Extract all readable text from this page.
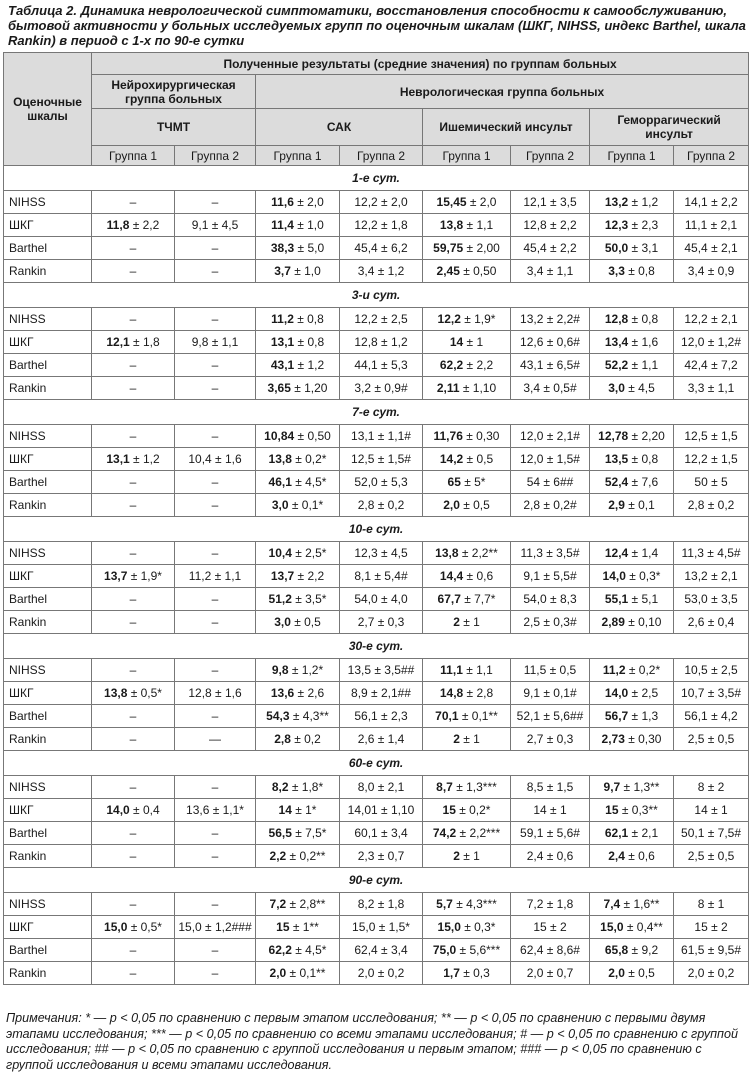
Таблица 2. Динамика неврологической симптоматики, восстановления способности к самообслуживанию, бытовой активности у больных исследуемых групп по оценочным шкалам (ШКГ, NIHSS, индекс Barthel, шкала Rankin) в период с 1-х по 90-е сутки
Оценочные шкалы	Полученные результаты (средние значения) по группам больных							
	Нейрохирургическая группа больных		Неврологическая группа больных					
	ТЧМТ		САК		Ишемический инсульт		Геморрагический инсульт	
	Группа 1	Группа 2	Группа 1	Группа 2	Группа 1	Группа 2	Группа 1	Группа 2
1-е сут.								
NIHSS	–	–	11,6 ± 2,0	12,2 ± 2,0	15,45 ± 2,0	12,1 ± 3,5	13,2 ± 1,2	14,1 ± 2,2
ШКГ	11,8 ± 2,2	9,1 ± 4,5	11,4 ± 1,0	12,2 ± 1,8	13,8 ± 1,1	12,8 ± 2,2	12,3 ± 2,3	11,1 ± 2,1
Barthel	–	–	38,3 ± 5,0	45,4 ± 6,2	59,75 ± 2,00	45,4 ± 2,2	50,0 ± 3,1	45,4 ± 2,1
Rankin	–	–	3,7 ± 1,0	3,4 ± 1,2	2,45 ± 0,50	3,4 ± 1,1	3,3 ± 0,8	3,4 ± 0,9
3-и сут.								
NIHSS	–	–	11,2 ± 0,8	12,2 ± 2,5	12,2 ± 1,9*	13,2 ± 2,2#	12,8 ± 0,8	12,2 ± 2,1
ШКГ	12,1 ± 1,8	9,8 ± 1,1	13,1 ± 0,8	12,8 ± 1,2	14 ± 1	12,6 ± 0,6#	13,4 ± 1,6	12,0 ± 1,2#
Barthel	–	–	43,1 ± 1,2	44,1 ± 5,3	62,2 ± 2,2	43,1 ± 6,5#	52,2 ± 1,1	42,4 ± 7,2
Rankin	–	–	3,65 ± 1,20	3,2 ± 0,9#	2,11 ± 1,10	3,4 ± 0,5#	3,0 ± 4,5	3,3 ± 1,1
7-е сут.								
NIHSS	–	–	10,84 ± 0,50	13,1 ± 1,1#	11,76 ± 0,30	12,0 ± 2,1#	12,78 ± 2,20	12,5 ± 1,5
ШКГ	13,1 ± 1,2	10,4 ± 1,6	13,8 ± 0,2*	12,5 ± 1,5#	14,2 ± 0,5	12,0 ± 1,5#	13,5 ± 0,8	12,2 ± 1,5
Barthel	–	–	46,1 ± 4,5*	52,0 ± 5,3	65 ± 5*	54 ± 6##	52,4 ± 7,6	50 ± 5
Rankin	–	–	3,0 ± 0,1*	2,8 ± 0,2	2,0 ± 0,5	2,8 ± 0,2#	2,9 ± 0,1	2,8 ± 0,2
10-е сут.								
NIHSS	–	–	10,4 ± 2,5*	12,3 ± 4,5	13,8 ± 2,2**	11,3 ± 3,5#	12,4 ± 1,4	11,3 ± 4,5#
ШКГ	13,7 ± 1,9*	11,2 ± 1,1	13,7 ± 2,2	8,1 ± 5,4#	14,4 ± 0,6	9,1 ± 5,5#	14,0 ± 0,3*	13,2 ± 2,1
Barthel	–	–	51,2 ± 3,5*	54,0 ± 4,0	67,7 ± 7,7*	54,0 ± 8,3	55,1 ± 5,1	53,0 ± 3,5
Rankin	–	–	3,0 ± 0,5	2,7 ± 0,3	2 ± 1	2,5 ± 0,3#	2,89 ± 0,10	2,6 ± 0,4
30-е сут.								
NIHSS	–	–	9,8 ± 1,2*	13,5 ± 3,5##	11,1 ± 1,1	11,5 ± 0,5	11,2 ± 0,2*	10,5 ± 2,5
ШКГ	13,8 ± 0,5*	12,8 ± 1,6	13,6 ± 2,6	8,9 ± 2,1##	14,8 ± 2,8	9,1 ± 0,1#	14,0 ± 2,5	10,7 ± 3,5#
Barthel	–	–	54,3 ± 4,3**	56,1 ± 2,3	70,1 ± 0,1**	52,1 ± 5,6##	56,7 ± 1,3	56,1 ± 4,2
Rankin	–	—	2,8 ± 0,2	2,6 ± 1,4	2 ± 1	2,7 ± 0,3	2,73 ± 0,30	2,5 ± 0,5
60-е сут.								
NIHSS	–	–	8,2 ± 1,8*	8,0 ± 2,1	8,7 ± 1,3***	8,5 ± 1,5	9,7 ± 1,3**	8 ± 2
ШКГ	14,0 ± 0,4	13,6 ± 1,1*	14 ± 1*	14,01 ± 1,10	15 ± 0,2*	14 ± 1	15 ± 0,3**	14 ± 1
Barthel	–	–	56,5 ± 7,5*	60,1 ± 3,4	74,2 ± 2,2***	59,1 ± 5,6#	62,1 ± 2,1	50,1 ± 7,5#
Rankin	–	–	2,2 ± 0,2**	2,3 ± 0,7	2 ± 1	2,4 ± 0,6	2,4 ± 0,6	2,5 ± 0,5
90-е сут.								
NIHSS	–	–	7,2 ± 2,8**	8,2 ± 1,8	5,7 ± 4,3***	7,2 ± 1,8	7,4 ± 1,6**	8 ± 1
ШКГ	15,0 ± 0,5*	15,0 ± 1,2###	15 ± 1**	15,0 ± 1,5*	15,0 ± 0,3*	15 ± 2	15,0 ± 0,4**	15 ± 2
Barthel	–	–	62,2 ± 4,5*	62,4 ± 3,4	75,0 ± 5,6***	62,4 ± 8,6#	65,8 ± 9,2	61,5 ± 9,5#
Rankin	–	–	2,0 ± 0,1**	2,0 ± 0,2	1,7 ± 0,3	2,0 ± 0,7	2,0 ± 0,5	2,0 ± 0,2
Примечания: * — p < 0,05 по сравнению с первым этапом исследования; ** — p < 0,05 по сравнению с первыми двумя этапами исследования; *** — p < 0,05 по сравнению со всеми этапами исследования; # — p < 0,05 по сравнению с группой исследования; ## — p < 0,05 по сравнению с группой исследования и первым этапом; ### — p < 0,05 по сравнению с группой исследования и всеми этапами исследования.
